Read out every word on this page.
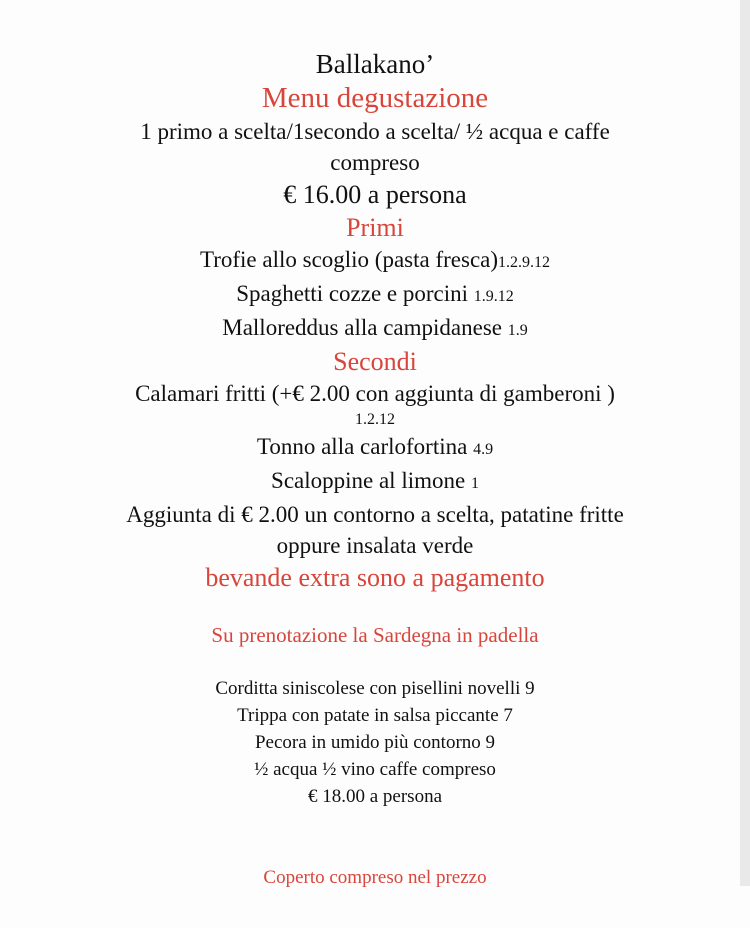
Ballakano’
Menu degustazione
1 primo a scelta/1secondo a scelta/ ½ acqua e caffe
compreso
€ 16.00 a persona
Primi
Trofie allo scoglio (pasta fresca)1.2.9.12
Spaghetti cozze e porcini 1.9.12
Malloreddus alla campidanese 1.9
Secondi
Calamari fritti (+€ 2.00 con aggiunta di gamberoni )
1.2.12
Tonno alla carlofortina 4.9
Scaloppine al limone 1
Aggiunta di € 2.00 un contorno a scelta, patatine fritte
oppure insalata verde
bevande extra sono a pagamento
Su prenotazione la Sardegna in padella
Corditta siniscolese con pisellini novelli 9
Trippa con patate in salsa piccante 7
Pecora in umido più contorno 9
½ acqua ½ vino caffe compreso
€ 18.00 a persona
Coperto compreso nel prezzo
